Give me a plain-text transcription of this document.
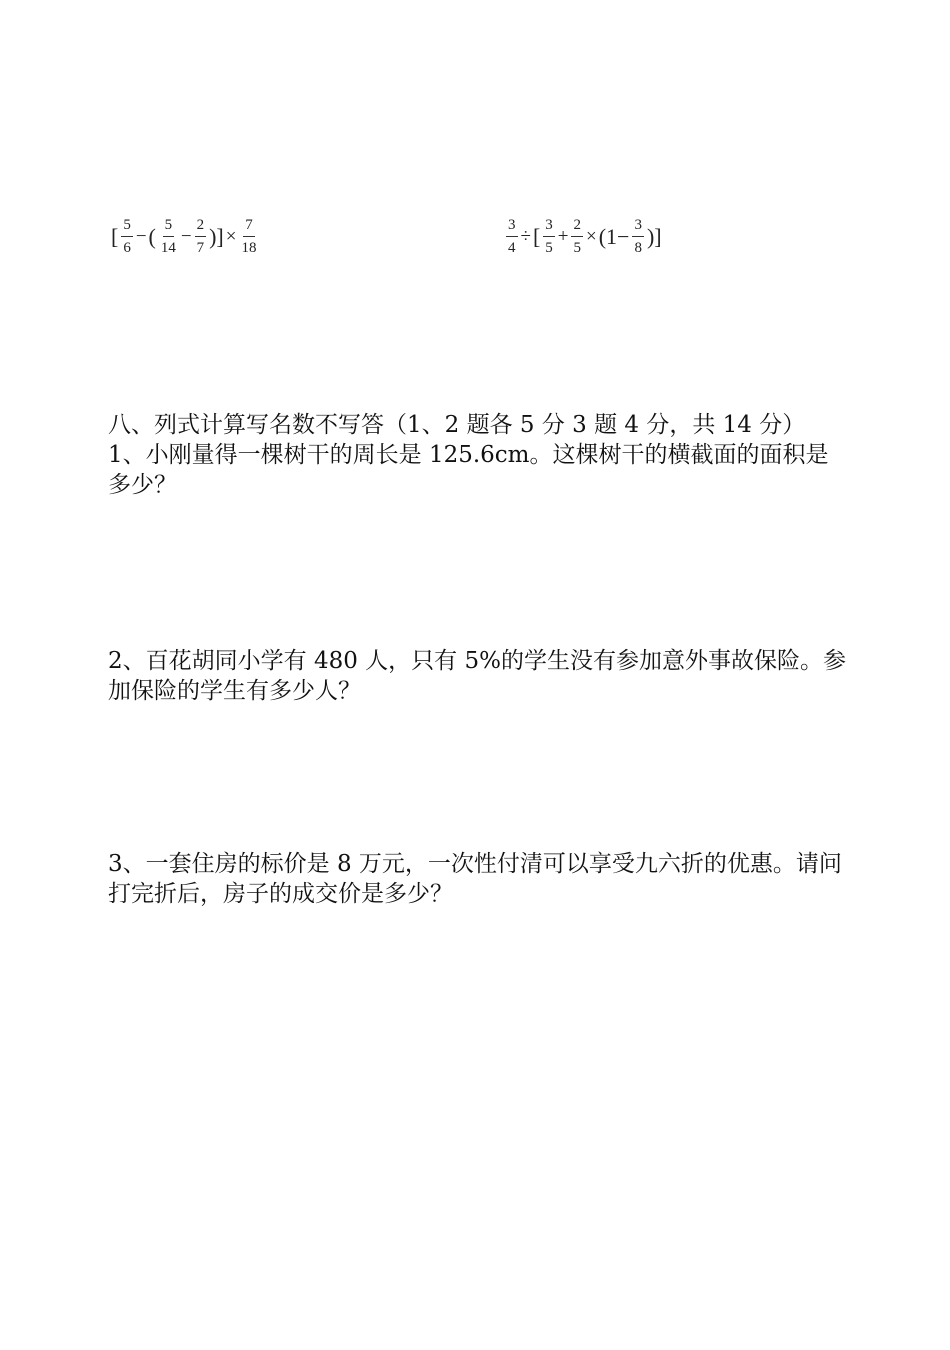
[ $\frac{5}{6}$ − ( $\frac{5}{14} - \frac{2}{7}$ )] × $\frac{7}{18}$	$\frac{3}{4}$ ÷ [ $\frac{3}{5} + \frac{2}{5} \times (1- \frac{3}{8}$ )]

八、列式计算写名数不写答（1、2 题各 5 分 3 题 4 分，共 14 分）

1、小刚量得一棵树干的周长是 125.6cm。这棵树干的横截面的面积是多少？

2、百花胡同小学有 480 人，只有 5%的学生没有参加意外事故保险。参加保险的学生有多少人？

3、一套住房的标价是 8 万元，一次性付清可以享受九六折的优惠。请问打完折后，房子的成交价是多少？
